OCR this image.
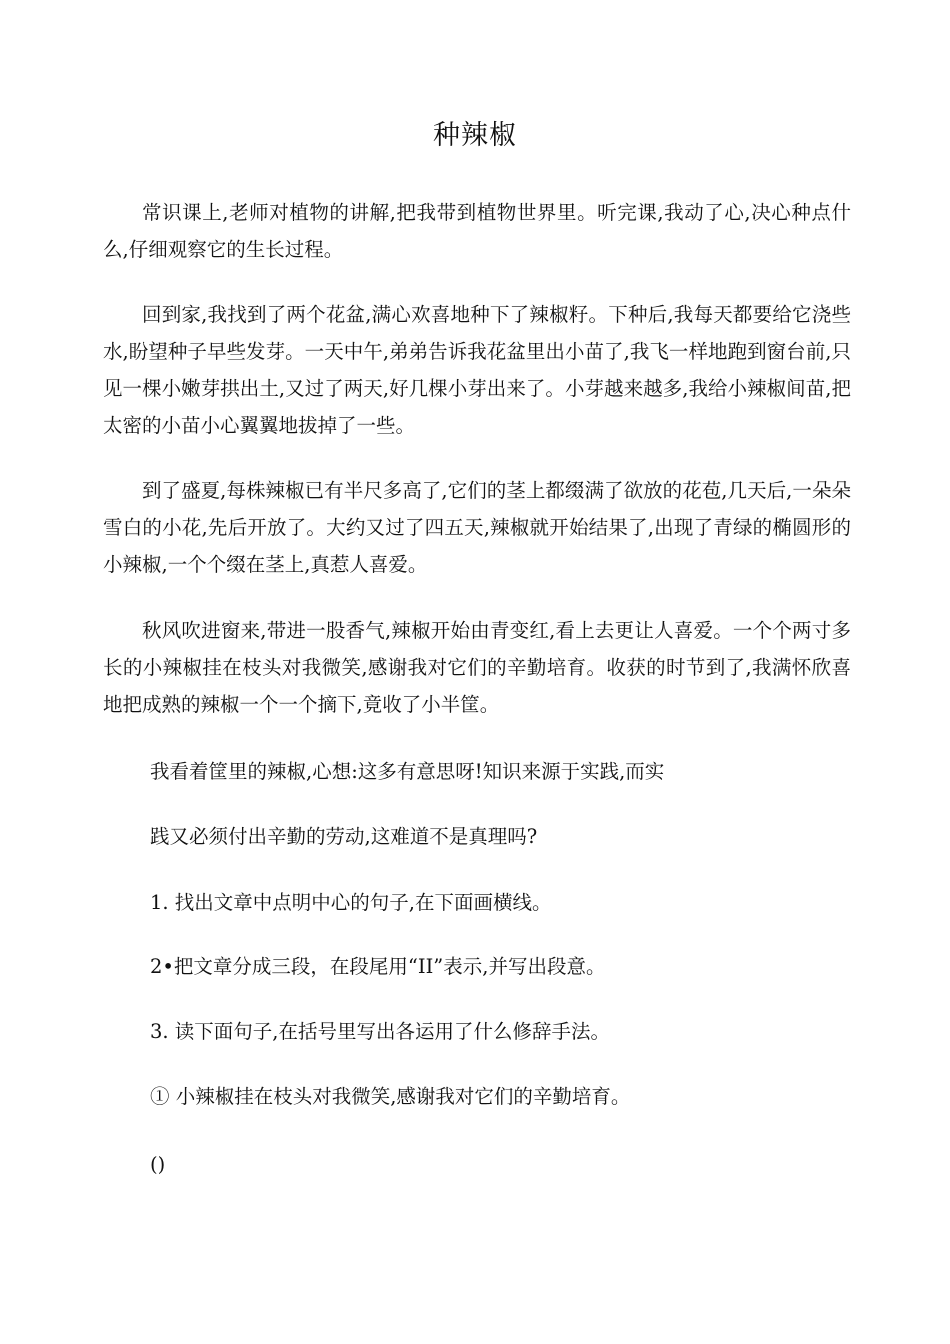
种辣椒

常识课上,老师对植物的讲解,把我带到植物世界里。听完课,我动了心,决心种点什么,仔细观察它的生长过程。

回到家,我找到了两个花盆,满心欢喜地种下了辣椒籽。下种后,我每天都要给它浇些水,盼望种子早些发芽。一天中午,弟弟告诉我花盆里出小苗了,我飞一样地跑到窗台前,只见一棵小嫩芽拱出土,又过了两天,好几棵小芽出来了。小芽越来越多,我给小辣椒间苗,把太密的小苗小心翼翼地拔掉了一些。

到了盛夏,每株辣椒已有半尺多高了,它们的茎上都缀满了欲放的花苞,几天后,一朵朵雪白的小花,先后开放了。大约又过了四五天,辣椒就开始结果了,出现了青绿的椭圆形的小辣椒,一个个缀在茎上,真惹人喜爱。

秋风吹进窗来,带进一股香气,辣椒开始由青变红,看上去更让人喜爱。一个个两寸多长的小辣椒挂在枝头对我微笑,感谢我对它们的辛勤培育。收获的时节到了,我满怀欣喜地把成熟的辣椒一个一个摘下,竟收了小半筐。

我看着筐里的辣椒,心想:这多有意思呀!知识来源于实践,而实

践又必须付出辛勤的劳动,这难道不是真理吗?

1. 找出文章中点明中心的句子,在下面画横线。

2•把文章分成三段，在段尾用“II”表示,并写出段意。

3. 读下面句子,在括号里写出各运用了什么修辞手法。

① 小辣椒挂在枝头对我微笑,感谢我对它们的辛勤培育。

()
